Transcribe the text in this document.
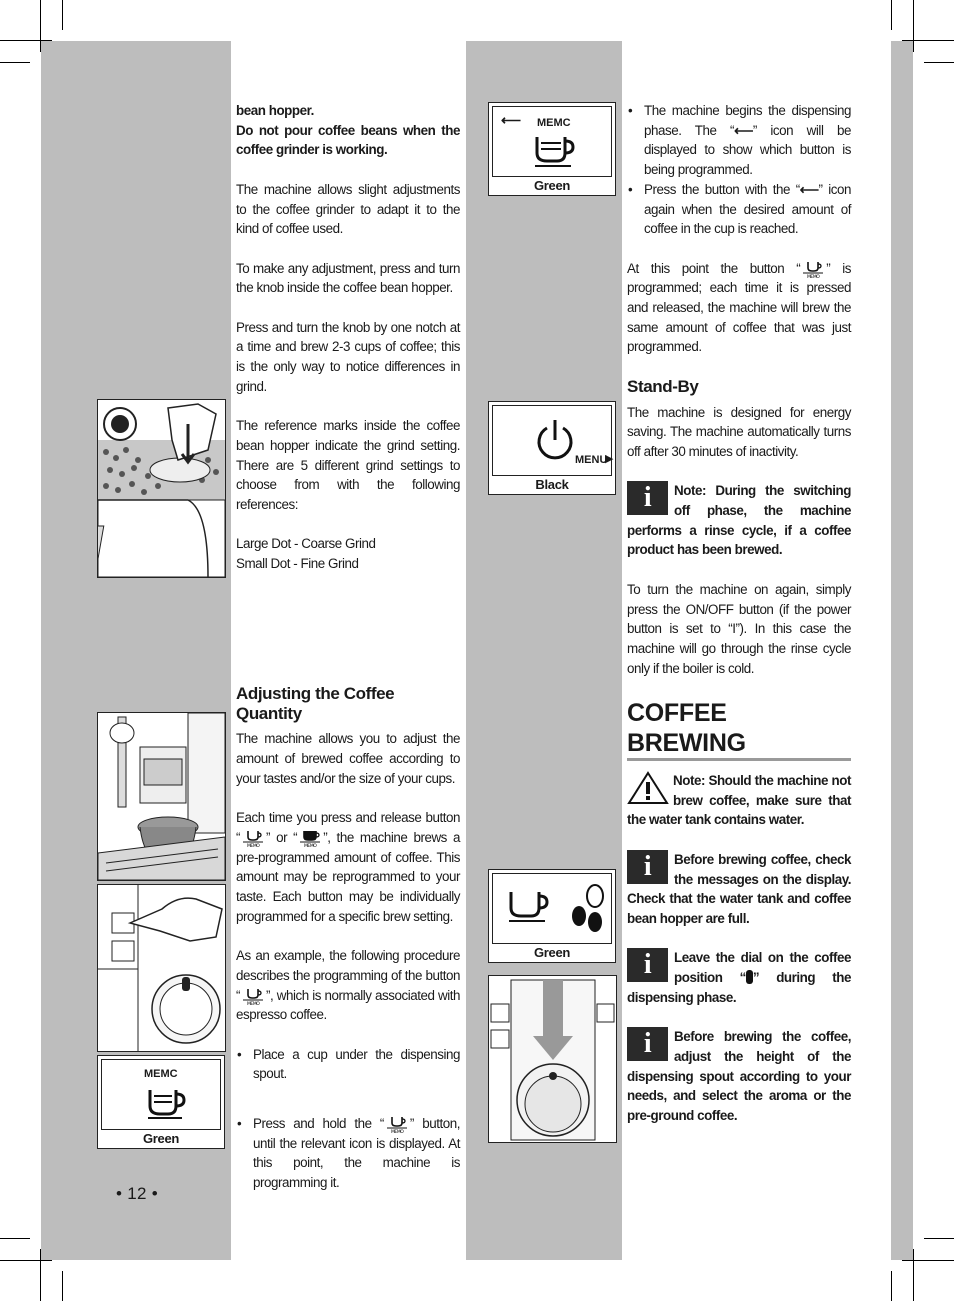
MEMC
Green
⟵ MEMC
Green
MENU
▶
Black
Green
bean hopper.

Do not pour coffee beans when the coffee grinder is working.

The machine allows slight adjustments to the coffee grinder to adapt it to the kind of coffee used.

To make any adjustment, press and turn the knob inside the coffee bean hopper.

Press and turn the knob by one notch at a time and brew 2-3 cups of coffee; this is the only way to notice differences in grind.

The reference marks inside the coffee bean hopper indicate the grind setting. There are 5 different grind settings to choose from with the following references:

Large Dot - Coarse Grind
Small Dot - Fine Grind
Adjusting the Coffee Quantity

The machine allows you to adjust the amount of brewed coffee according to your tastes and/or the size of your cups.

Each time you press and release button “
MEMO
” or “
MEMO
”, the machine brews a pre-programmed amount of coffee. This amount may be reprogrammed to your taste. Each button may be individually programmed for a specific brew setting.

As an example, the following procedure describes the programming of the button “
MEMO
”, which is normally associated with espresso coffee.

• Place a cup under the dispensing spout.
• Press and hold the “
MEMO
” button, until the relevant icon is displayed. At this point, the machine is programming it.
• The machine begins the dispensing phase. The “⟵” icon will be displayed to show which button is being programmed.
• Press the button with the “⟵” icon again when the desired amount of coffee in the cup is reached.

At this point the button “
MEMO
” is programmed; each time it is pressed and released, the machine will brew the same amount of coffee that was just programmed.

Stand-By

The machine is designed for energy saving. The machine automatically turns off after 30 minutes of inactivity.

i	Note: During the switching off phase, the machine performs a rinse cycle, if a coffee product has been brewed.

To turn the machine on again, simply press the ON/OFF button (if the power button is set to “I”). In this case the machine will go through the rinse cycle only if the boiler is cold.

COFFEE BREWING
Note: Should the machine not brew coffee, make sure that the water tank contains water.
i	Before brewing coffee, check the messages on the display. Check that the water tank and coffee bean hopper are full.
i	Leave the dial on the coffee position “ ” during the dispensing phase.
i	Before brewing the coffee, adjust the height of the dispensing spout according to your needs, and select the aroma or the pre-ground coffee.
• 12 •
